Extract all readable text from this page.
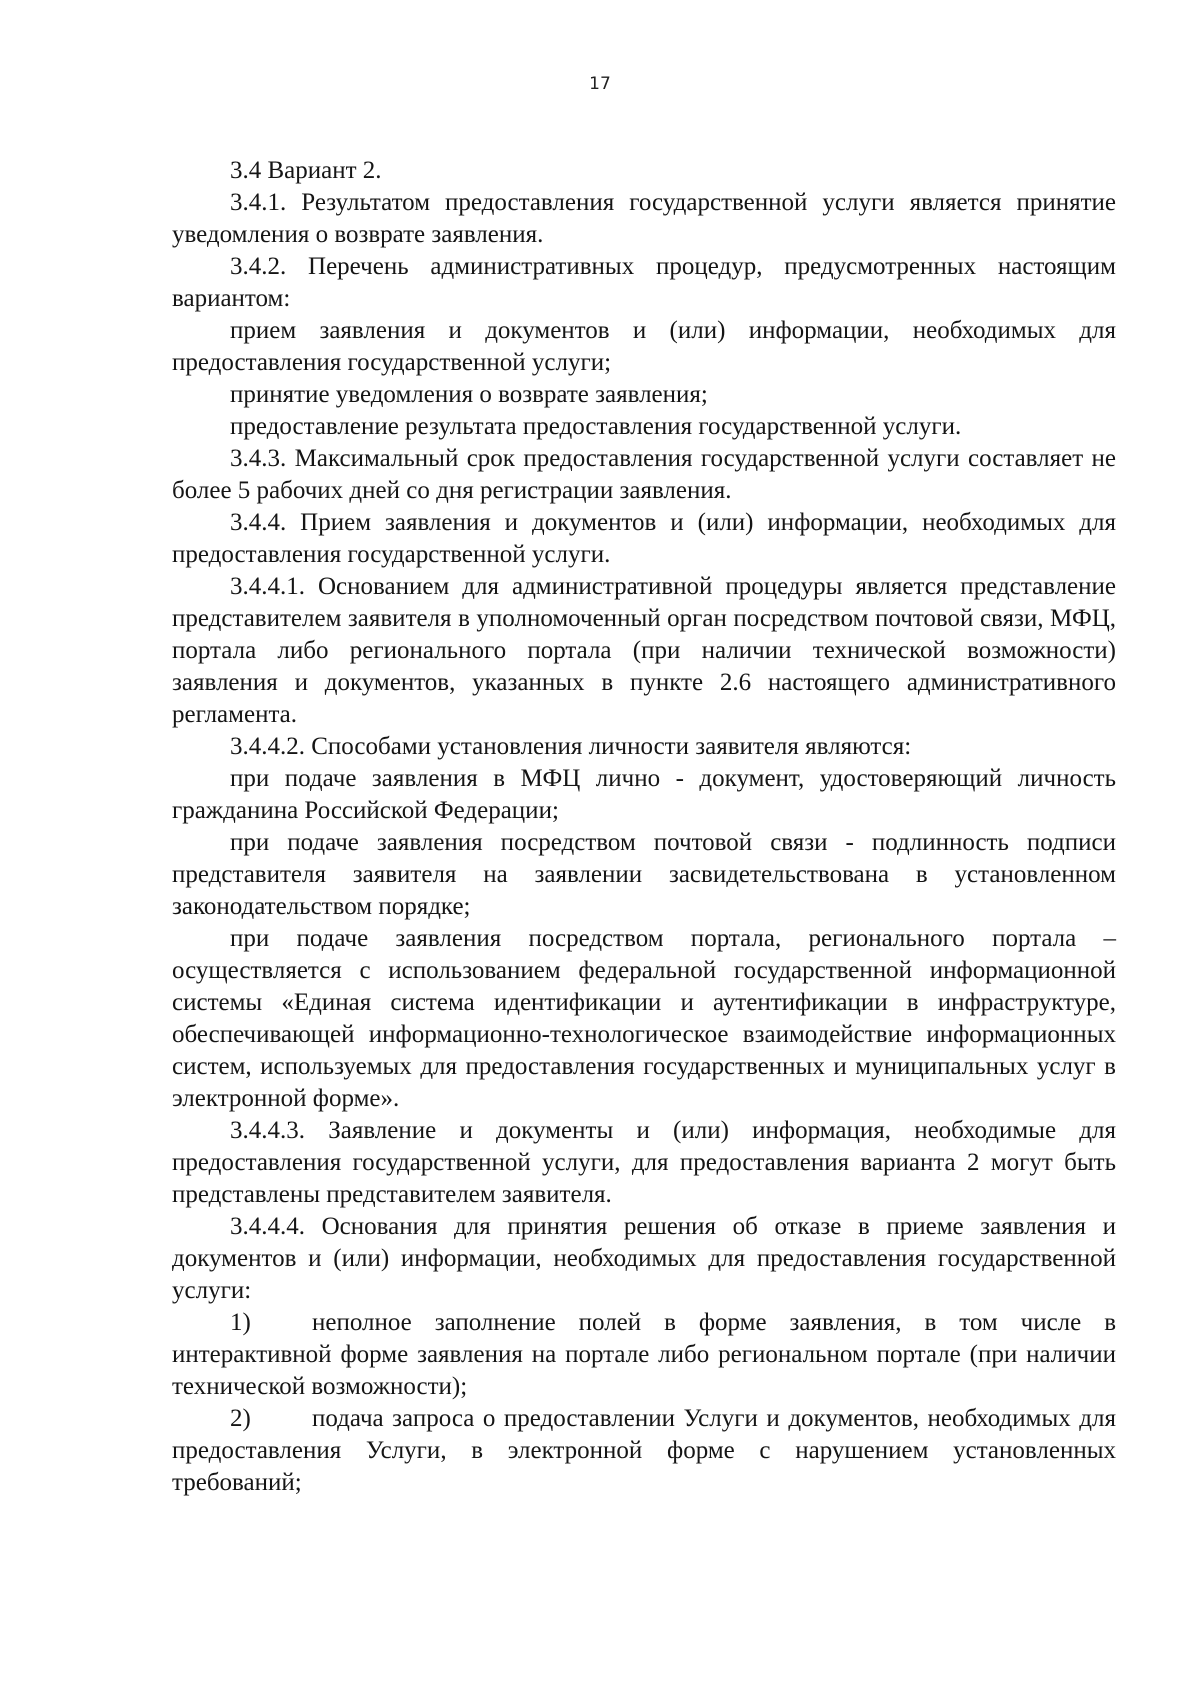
17

3.4 Вариант 2.

3.4.1. Результатом предоставления государственной услуги является принятие уведомления о возврате заявления.

3.4.2. Перечень административных процедур, предусмотренных настоящим вариантом:

прием заявления и документов и (или) информации, необходимых для предоставления государственной услуги;

принятие уведомления о возврате заявления;

предоставление результата предоставления государственной услуги.

3.4.3. Максимальный срок предоставления государственной услуги составляет не более 5 рабочих дней со дня регистрации заявления.

3.4.4. Прием заявления и документов и (или) информации, необходимых для предоставления государственной услуги.

3.4.4.1. Основанием для административной процедуры является представление представителем заявителя в уполномоченный орган посредством почтовой связи, МФЦ, портала либо регионального портала (при наличии технической возможности) заявления и документов, указанных в пункте 2.6 настоящего административного регламента.

3.4.4.2. Способами установления личности заявителя являются:

при подаче заявления в МФЦ лично - документ, удостоверяющий личность гражданина Российской Федерации;

при подаче заявления посредством почтовой связи - подлинность подписи представителя заявителя на заявлении засвидетельствована в установленном законодательством порядке;

при подаче заявления посредством портала, регионального портала – осуществляется с использованием федеральной государственной информационной системы «Единая система идентификации и аутентификации в инфраструктуре, обеспечивающей информационно-технологическое взаимодействие информационных систем, используемых для предоставления государственных и муниципальных услуг в электронной форме».

3.4.4.3. Заявление и документы и (или) информация, необходимые для предоставления государственной услуги, для предоставления варианта 2 могут быть представлены представителем заявителя.

3.4.4.4. Основания для принятия решения об отказе в приеме заявления и документов и (или) информации, необходимых для предоставления государственной услуги:

1) неполное заполнение полей в форме заявления, в том числе в интерактивной форме заявления на портале либо региональном портале (при наличии технической возможности);

2) подача запроса о предоставлении Услуги и документов, необходимых для предоставления Услуги, в электронной форме с нарушением установленных требований;
